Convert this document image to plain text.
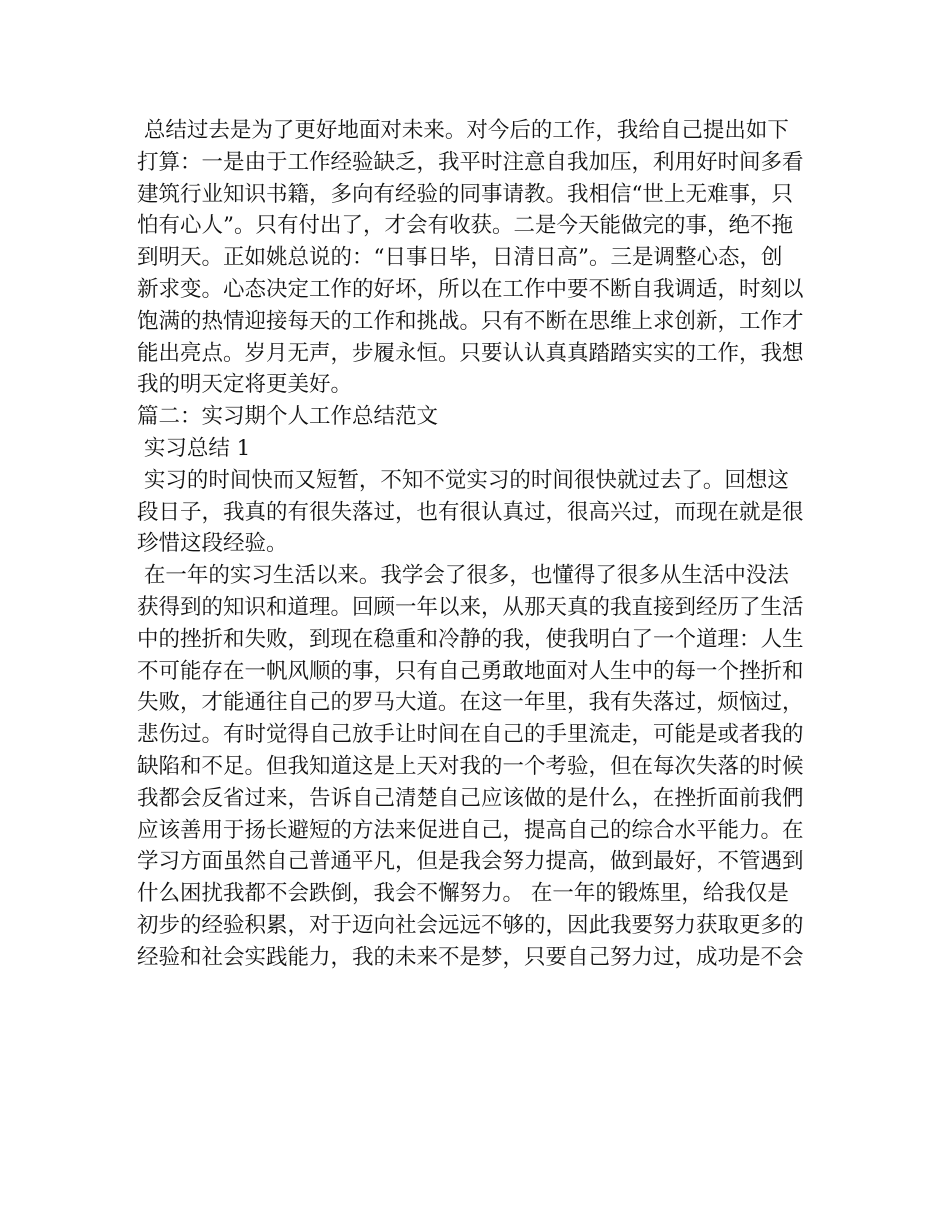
总结过去是为了更好地面对未来。对今后的工作，我给自己提出如下
打算：一是由于工作经验缺乏，我平时注意自我加压，利用好时间多看
建筑行业知识书籍，多向有经验的同事请教。我相信“世上无难事，只
怕有心人”。只有付出了，才会有收获。二是今天能做完的事，绝不拖
到明天。正如姚总说的：“日事日毕，日清日高”。三是调整心态，创
新求变。心态决定工作的好坏，所以在工作中要不断自我调适，时刻以
饱满的热情迎接每天的工作和挑战。只有不断在思维上求创新，工作才
能出亮点。岁月无声，步履永恒。只要认认真真踏踏实实的工作，我想
我的明天定将更美好。
篇二：实习期个人工作总结范文
实习总结 1
实习的时间快而又短暂，不知不觉实习的时间很快就过去了。回想这
段日子，我真的有很失落过，也有很认真过，很高兴过，而现在就是很
珍惜这段经验。
在一年的实习生活以来。我学会了很多，也懂得了很多从生活中没法
获得到的知识和道理。回顾一年以来，从那天真的我直接到经历了生活
中的挫折和失败，到现在稳重和冷静的我，使我明白了一个道理：人生
不可能存在一帆风顺的事，只有自己勇敢地面对人生中的每一个挫折和
失败，才能通往自己的罗马大道。在这一年里，我有失落过，烦恼过，
悲伤过。有时觉得自己放手让时间在自己的手里流走，可能是或者我的
缺陷和不足。但我知道这是上天对我的一个考验，但在每次失落的时候
我都会反省过来，告诉自己清楚自己应该做的是什么，在挫折面前我們
应该善用于扬长避短的方法来促进自己，提高自己的综合水平能力。在
学习方面虽然自己普通平凡，但是我会努力提高，做到最好，不管遇到
什么困扰我都不会跌倒，我会不懈努力。 在一年的锻炼里，给我仅是
初步的经验积累，对于迈向社会远远不够的，因此我要努力获取更多的
经验和社会实践能力，我的未来不是梦，只要自己努力过，成功是不会
